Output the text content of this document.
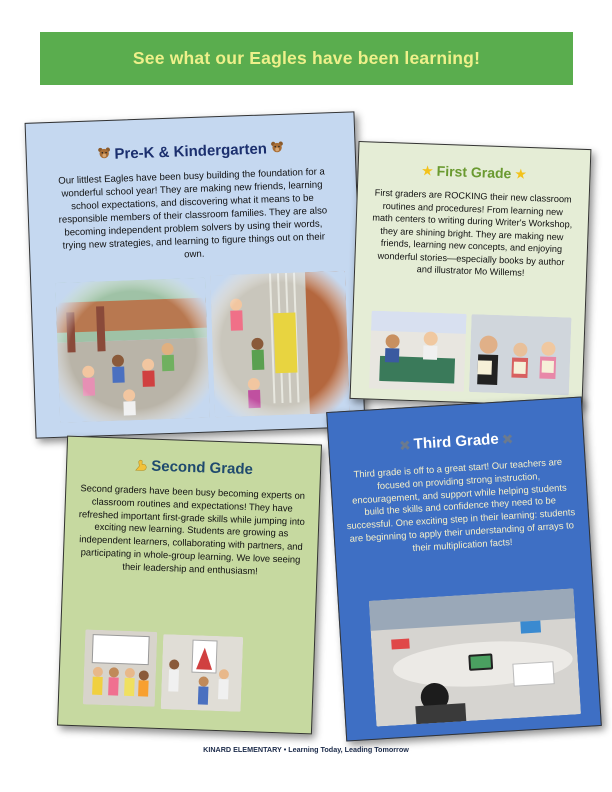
See what our Eagles have been learning!
Pre-K & Kindergarten

Our littlest Eagles have been busy building the foundation for a wonderful school year! They are making new friends, learning school expectations, and discovering what it means to be responsible members of their classroom families. They are also becoming independent problem solvers by using their words, trying new strategies, and learning to figure things out on their own.

★ First Grade ★

First graders are ROCKING their new classroom routines and procedures! From learning new math centers to writing during Writer's Workshop, they are shining bright. They are making new friends, learning new concepts, and enjoying wonderful stories—especially books by author and illustrator Mo Willems!

Second Grade

Second graders have been busy becoming experts on classroom routines and expectations! They have refreshed important first-grade skills while jumping into exciting new learning. Students are growing as independent learners, collaborating with partners, and participating in whole-group learning. We love seeing their leadership and enthusiasm!

✖ Third Grade ✖

Third grade is off to a great start! Our teachers are focused on providing strong instruction, encouragement, and support while helping students build the skills and confidence they need to be successful. One exciting step in their learning: students are beginning to apply their understanding of arrays to their multiplication facts!

KINARD ELEMENTARY • Learning Today, Leading Tomorrow
